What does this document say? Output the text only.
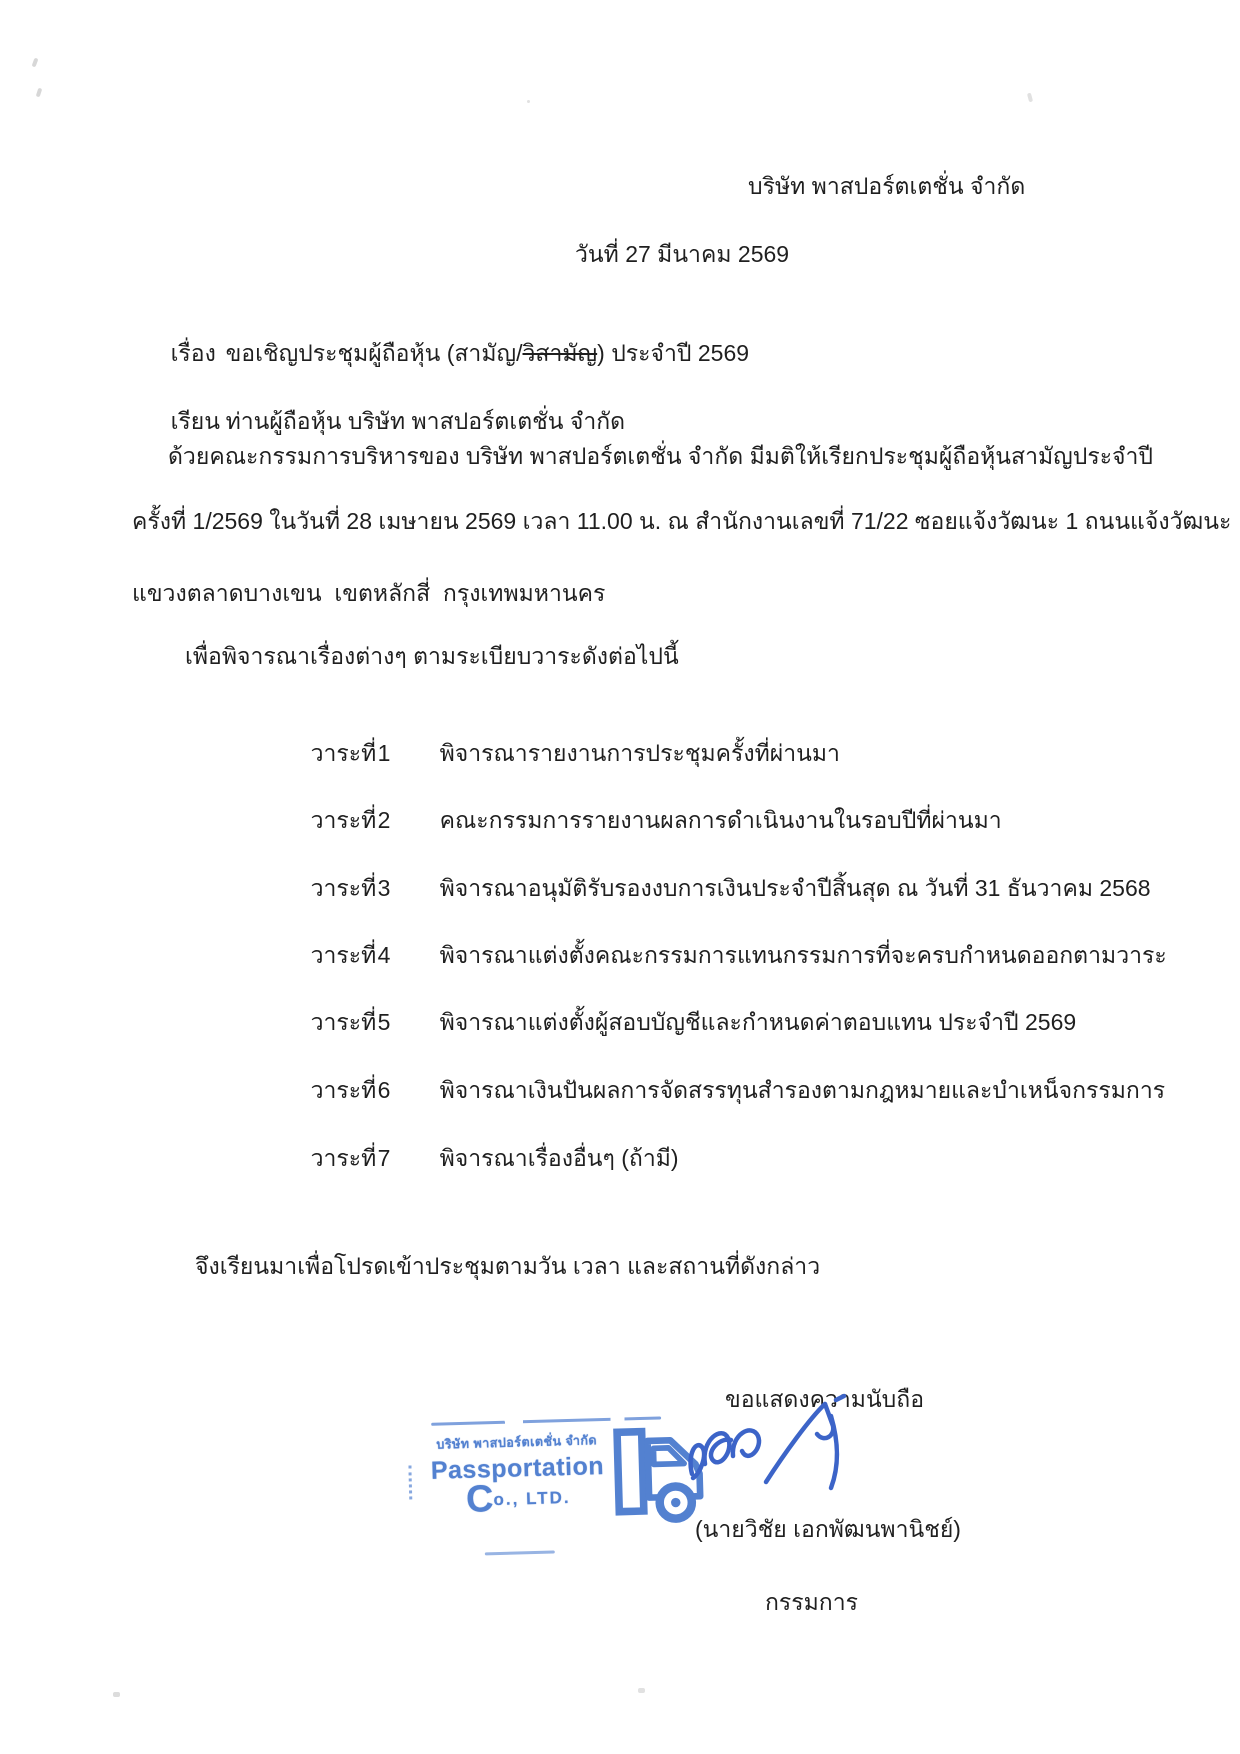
บริษัท พาสปอร์ตเตชั่น จำกัด
วันที่ 27 มีนาคม 2569

เรื่อง ขอเชิญประชุมผู้ถือหุ้น (สามัญ/วิสามัญ) ประจำปี 2569

เรียน ท่านผู้ถือหุ้น บริษัท พาสปอร์ตเตชั่น จำกัด

ด้วยคณะกรรมการบริหารของ บริษัท พาสปอร์ตเตชั่น จำกัด มีมติให้เรียกประชุมผู้ถือหุ้นสามัญประจำปี
ครั้งที่ 1/2569 ในวันที่ 28 เมษายน 2569 เวลา 11.00 น. ณ สำนักงานเลขที่ 71/22 ซอยแจ้งวัฒนะ 1 ถนนแจ้งวัฒนะ
แขวงตลาดบางเขน  เขตหลักสี่  กรุงเทพมหานคร
เพื่อพิจารณาเรื่องต่างๆ ตามระเบียบวาระดังต่อไปนี้

วาระที่1 พิจารณารายงานการประชุมครั้งที่ผ่านมา

วาระที่2 คณะกรรมการรายงานผลการดำเนินงานในรอบปีที่ผ่านมา

วาระที่3 พิจารณาอนุมัติรับรองงบการเงินประจำปีสิ้นสุด ณ วันที่ 31 ธันวาคม 2568

วาระที่4 พิจารณาแต่งตั้งคณะกรรมการแทนกรรมการที่จะครบกำหนดออกตามวาระ

วาระที่5 พิจารณาแต่งตั้งผู้สอบบัญชีและกำหนดค่าตอบแทน ประจำปี 2569

วาระที่6 พิจารณาเงินปันผลการจัดสรรทุนสำรองตามกฎหมายและบำเหน็จกรรมการ

วาระที่7 พิจารณาเรื่องอื่นๆ (ถ้ามี)

จึงเรียนมาเพื่อโปรดเข้าประชุมตามวัน เวลา และสถานที่ดังกล่าว
ขอแสดงความนับถือ
บริษัท พาสปอร์ตเตชั่น จำกัด
Passportation
Co., LTD.
(นายวิชัย เอกพัฒนพานิชย์)
กรรมการ
